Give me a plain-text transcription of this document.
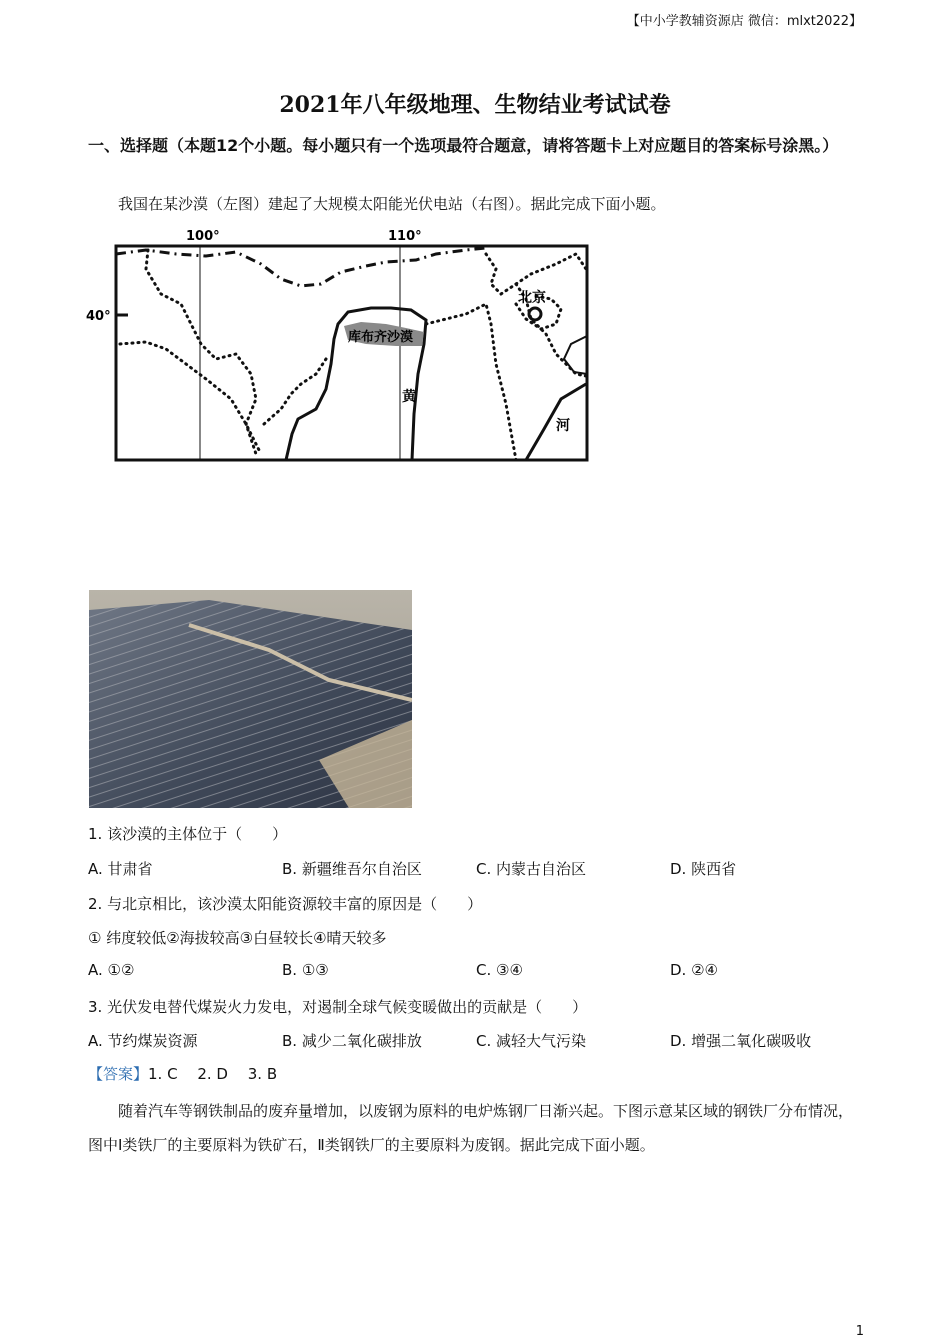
【中小学教辅资源店 微信：mlxt2022】
2021年八年级地理、生物结业考试试卷
一、选择题（本题12个小题。每小题只有一个选项最符合题意，请将答题卡上对应题目的答案标号涂黑。）
我国在某沙漠（左图）建起了大规模太阳能光伏电站（右图）。据此完成下面小题。
100°	110°
40°
北京
库布齐沙漠
黄
河
1. 该沙漠的主体位于（　　）
A. 甘肃省	B. 新疆维吾尔自治区	C. 内蒙古自治区	D. 陕西省
2. 与北京相比，该沙漠太阳能资源较丰富的原因是（　　）
① 纬度较低②海拔较高③白昼较长④晴天较多
A. ①②	B. ①③	C. ③④	D. ②④
3. 光伏发电替代煤炭火力发电，对遏制全球气候变暖做出的贡献是（　　）
A. 节约煤炭资源	B. 减少二氧化碳排放	C. 减轻大气污染	D. 增强二氧化碳吸收
【答案】1. C　 2. D　 3. B
随着汽车等钢铁制品的废弃量增加，以废钢为原料的电炉炼钢厂日渐兴起。下图示意某区域的钢铁厂分布情况，图中Ⅰ类铁厂的主要原料为铁矿石，Ⅱ类钢铁厂的主要原料为废钢。据此完成下面小题。
1
